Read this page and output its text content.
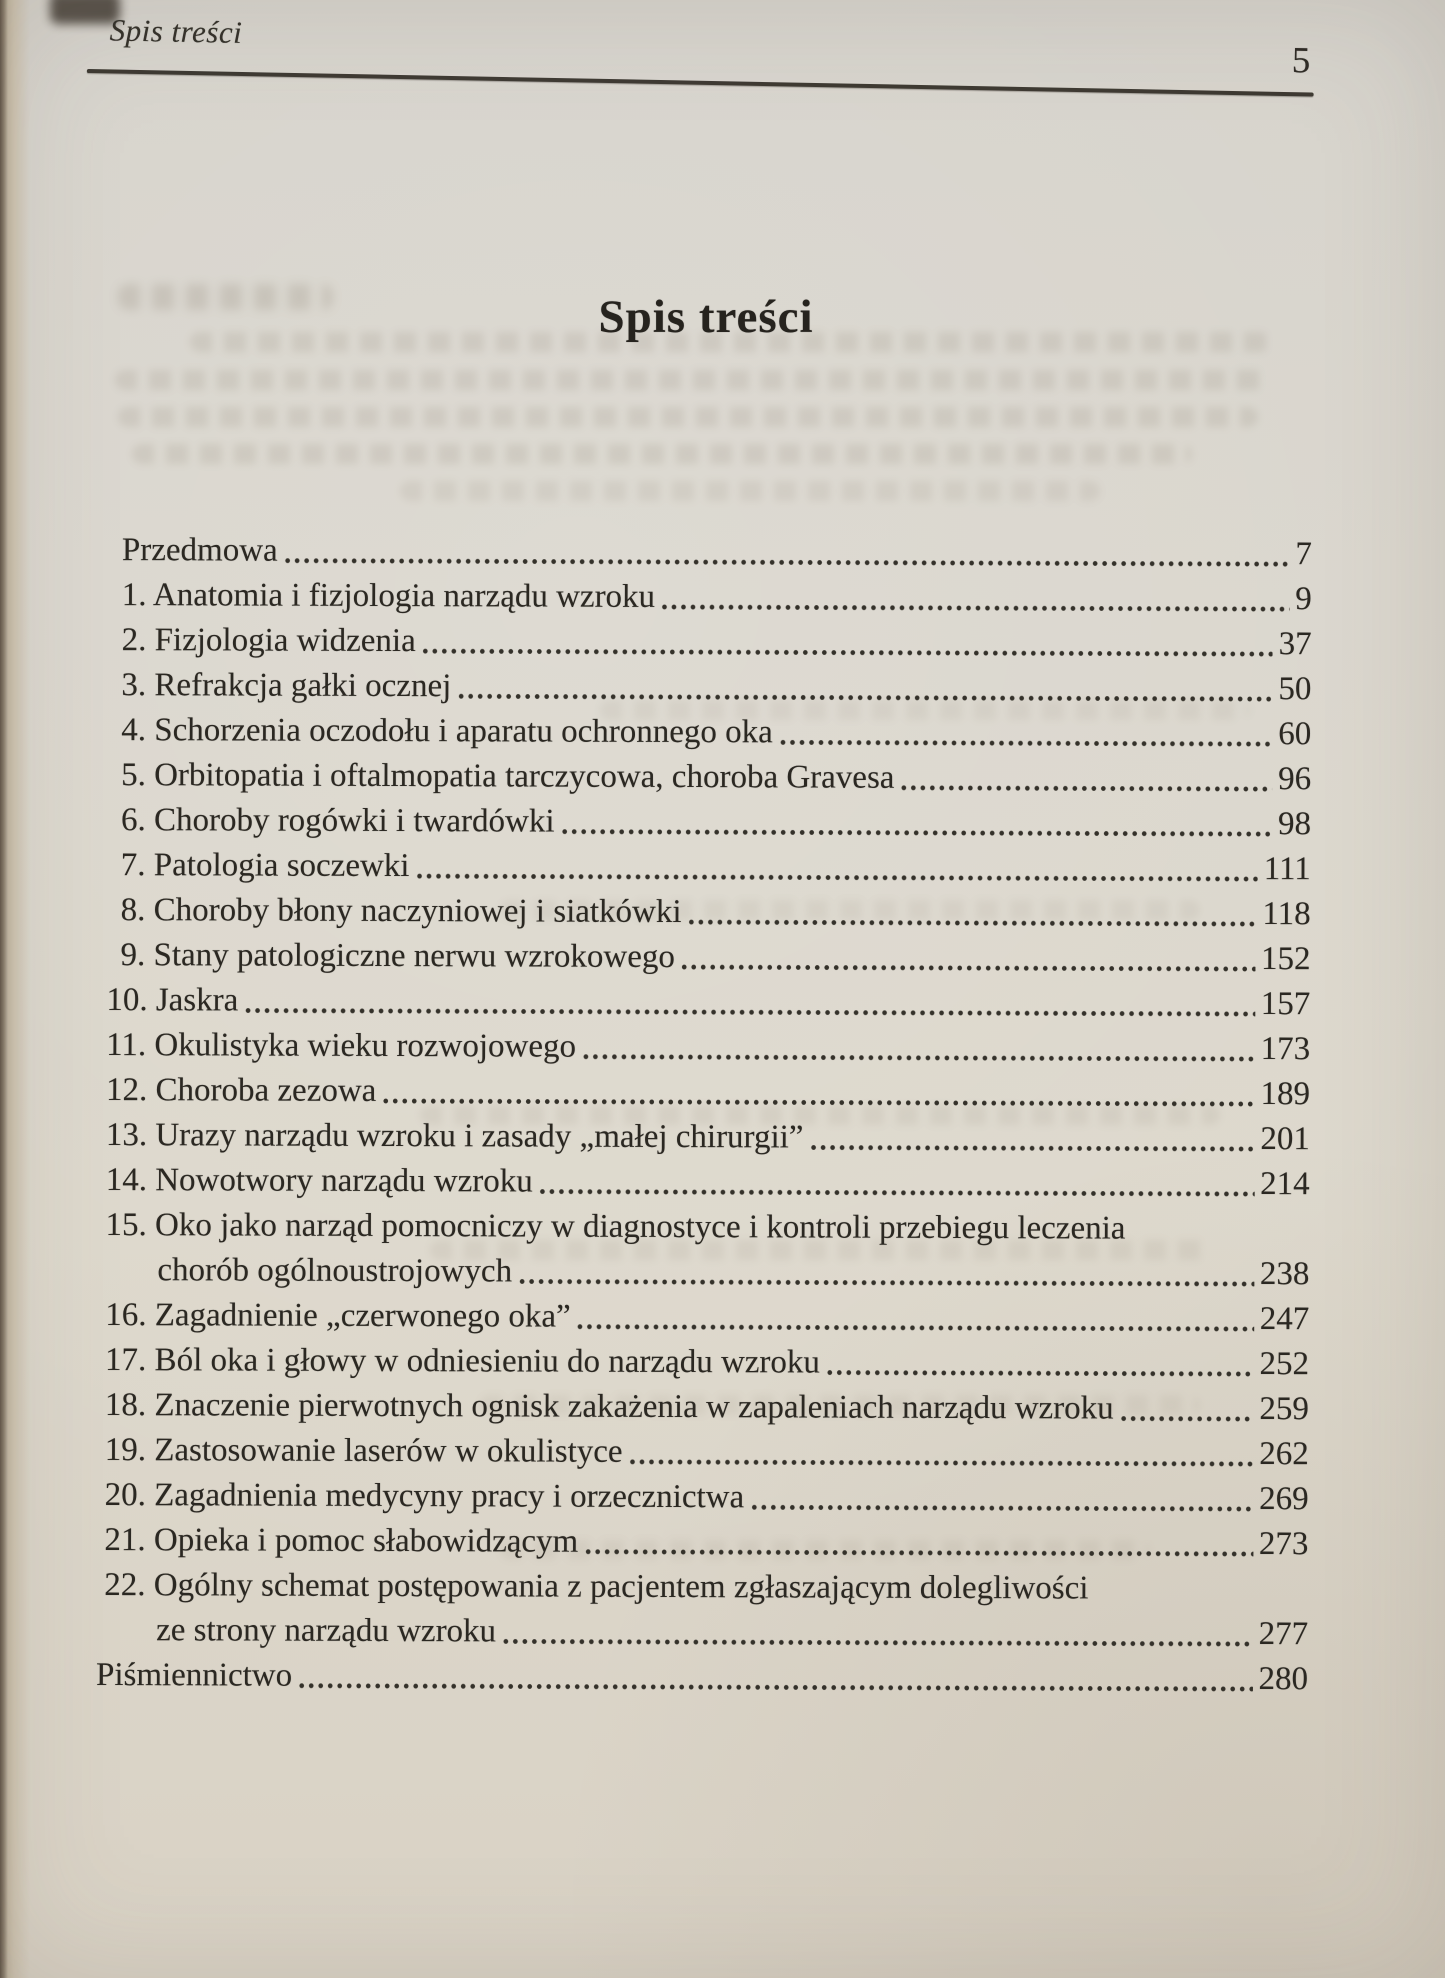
Spis treści
5
Spis treści
Przedmowa	7
1. Anatomia i fizjologia narządu wzroku	9
2. Fizjologia widzenia	37
3. Refrakcja gałki ocznej	50
4. Schorzenia oczodołu i aparatu ochronnego oka	60
5. Orbitopatia i oftalmopatia tarczycowa, choroba Gravesa	96
6. Choroby rogówki i twardówki	98
7. Patologia soczewki	111
8. Choroby błony naczyniowej i siatkówki	118
9. Stany patologiczne nerwu wzrokowego	152
10. Jaskra	157
11. Okulistyka wieku rozwojowego	173
12. Choroba zezowa	189
13. Urazy narządu wzroku i zasady „małej chirurgii”	201
14. Nowotwory narządu wzroku	214
15. Oko jako narząd pomocniczy w diagnostyce i kontroli przebiegu leczenia
chorób ogólnoustrojowych	238
16. Zagadnienie „czerwonego oka”	247
17. Ból oka i głowy w odniesieniu do narządu wzroku	252
18. Znaczenie pierwotnych ognisk zakażenia w zapaleniach narządu wzroku	259
19. Zastosowanie laserów w okulistyce	262
20. Zagadnienia medycyny pracy i orzecznictwa	269
21. Opieka i pomoc słabowidzącym	273
22. Ogólny schemat postępowania z pacjentem zgłaszającym dolegliwości
ze strony narządu wzroku	277
Piśmiennictwo	280
